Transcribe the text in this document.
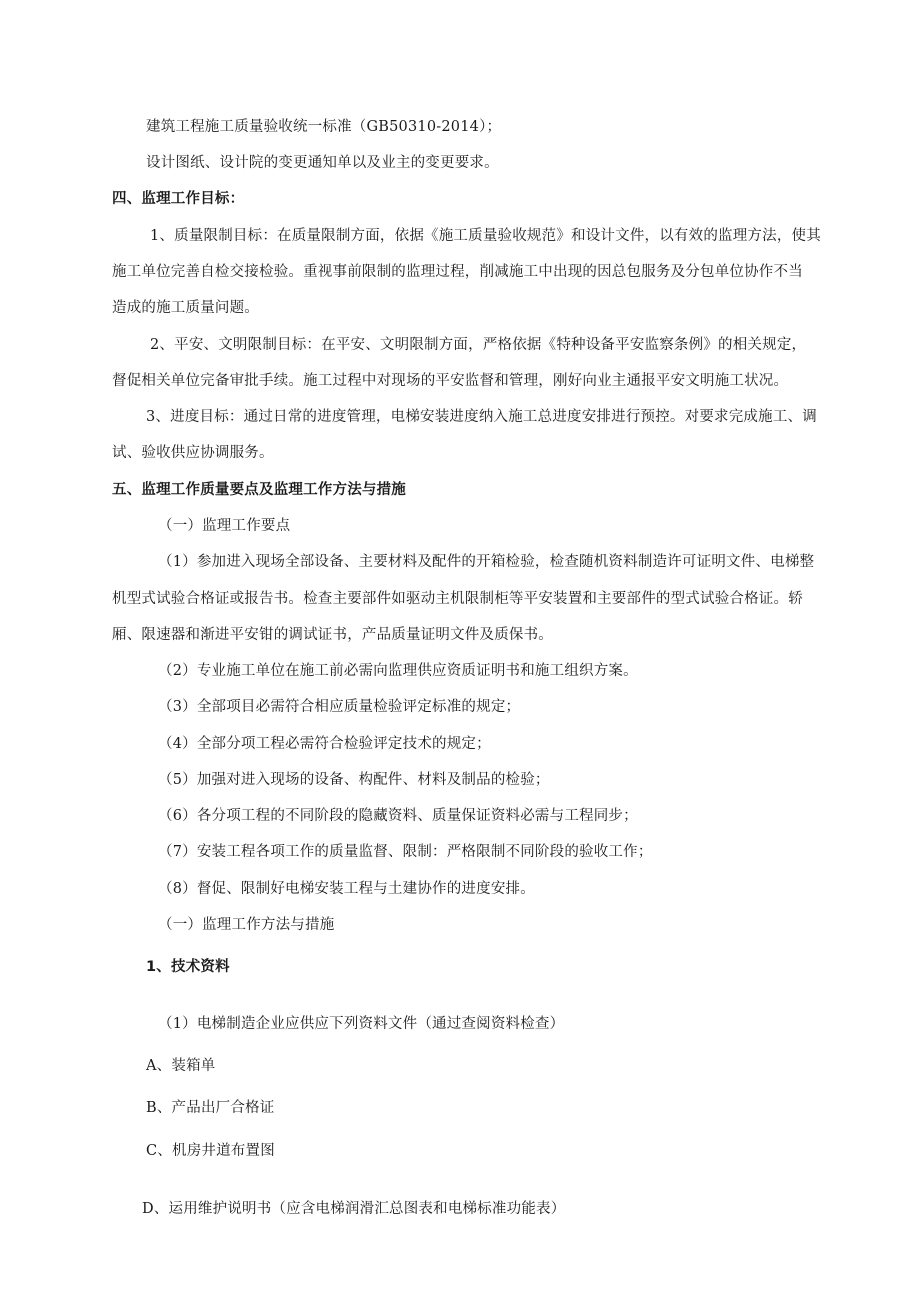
建筑工程施工质量验收统一标准（GB50310-2014）；
设计图纸、设计院的变更通知单以及业主的变更要求。
四、监理工作目标：
1、质量限制目标：在质量限制方面，依据《施工质量验收规范》和设计文件，以有效的监理方法，使其
施工单位完善自检交接检验。重视事前限制的监理过程，削减施工中出现的因总包服务及分包单位协作不当
造成的施工质量问题。
2、平安、文明限制目标：在平安、文明限制方面，严格依据《特种设备平安监察条例》的相关规定，
督促相关单位完备审批手续。施工过程中对现场的平安监督和管理，刚好向业主通报平安文明施工状况。
3、进度目标：通过日常的进度管理，电梯安装进度纳入施工总进度安排进行预控。对要求完成施工、调
试、验收供应协调服务。
五、监理工作质量要点及监理工作方法与措施
（一）监理工作要点
（1）参加进入现场全部设备、主要材料及配件的开箱检验，检查随机资料制造许可证明文件、电梯整
机型式试验合格证或报告书。检查主要部件如驱动主机限制柜等平安装置和主要部件的型式试验合格证。轿
厢、限速器和渐进平安钳的调试证书，产品质量证明文件及质保书。
（2）专业施工单位在施工前必需向监理供应资质证明书和施工组织方案。
（3）全部项目必需符合相应质量检验评定标准的规定；
（4）全部分项工程必需符合检验评定技术的规定；
（5）加强对进入现场的设备、构配件、材料及制品的检验；
（6）各分项工程的不同阶段的隐藏资料、质量保证资料必需与工程同步；
（7）安装工程各项工作的质量监督、限制：严格限制不同阶段的验收工作；
（8）督促、限制好电梯安装工程与土建协作的进度安排。
（一）监理工作方法与措施
1、技术资料
（1）电梯制造企业应供应下列资料文件（通过查阅资料检查）
A、装箱单
B、产品出厂合格证
C、机房井道布置图
D、运用维护说明书（应含电梯润滑汇总图表和电梯标准功能表）
